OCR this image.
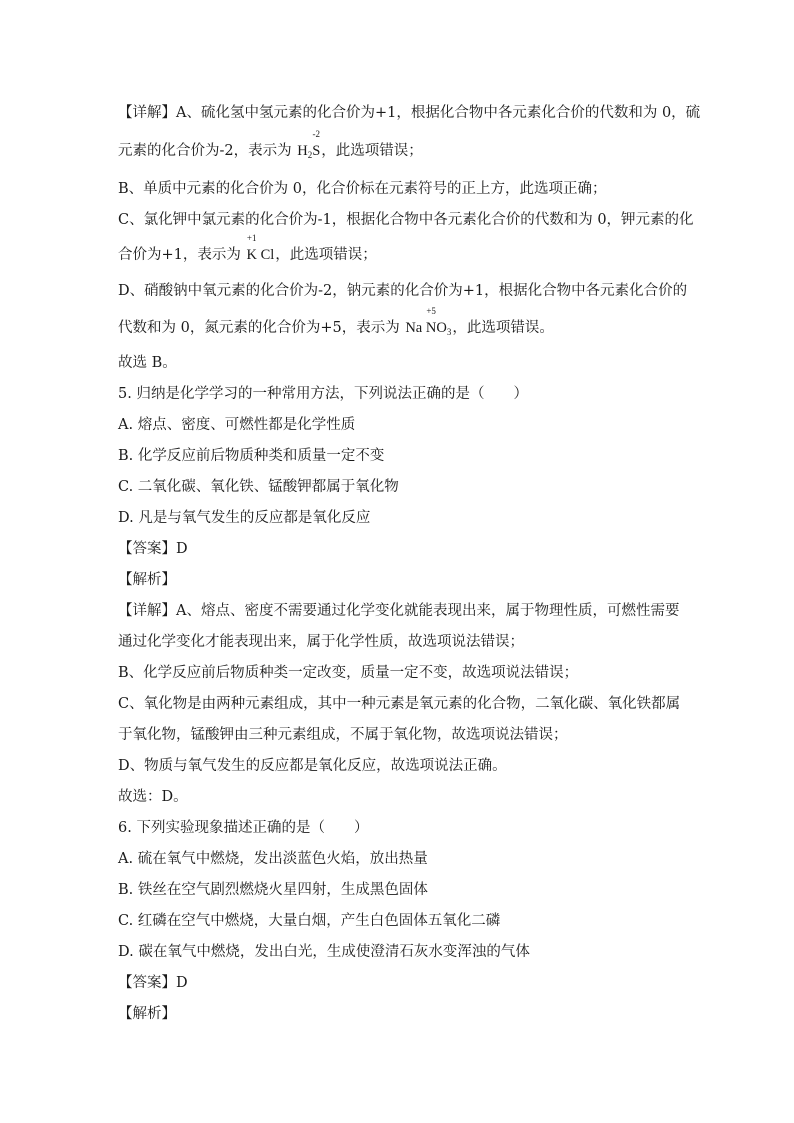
【详解】A、硫化氢中氢元素的化合价为+1，根据化合物中各元素化合价的代数和为 0，硫
元素的化合价为-2，表示为 $H_2S$
-2
，此选项错误；
B、单质中元素的化合价为 0，化合价标在元素符号的正上方，此选项正确；
C、氯化钾中氯元素的化合价为-1，根据化合物中各元素化合价的代数和为 0，钾元素的化
合价为+1，表示为 K
+1
Cl，此选项错误；
D、硝酸钠中氧元素的化合价为-2，钠元素的化合价为+1，根据化合物中各元素化合价的
代数和为 0，氮元素的化合价为+5，表示为 Na N
+5
$O_3$，此选项错误。
故选 B。
5. 归纳是化学学习的一种常用方法，下列说法正确的是（　　）
A. 熔点、密度、可燃性都是化学性质
B. 化学反应前后物质种类和质量一定不变
C. 二氧化碳、氧化铁、锰酸钾都属于氧化物
D. 凡是与氧气发生的反应都是氧化反应
【答案】D
【解析】
【详解】A、熔点、密度不需要通过化学变化就能表现出来，属于物理性质，可燃性需要
通过化学变化才能表现出来，属于化学性质，故选项说法错误；
B、化学反应前后物质种类一定改变，质量一定不变，故选项说法错误；
C、氧化物是由两种元素组成，其中一种元素是氧元素的化合物，二氧化碳、氧化铁都属
于氧化物，锰酸钾由三种元素组成，不属于氧化物，故选项说法错误；
D、物质与氧气发生的反应都是氧化反应，故选项说法正确。
故选：D。
6. 下列实验现象描述正确的是（　　）
A. 硫在氧气中燃烧，发出淡蓝色火焰，放出热量
B. 铁丝在空气剧烈燃烧火星四射，生成黑色固体
C. 红磷在空气中燃烧，大量白烟，产生白色固体五氧化二磷
D. 碳在氧气中燃烧，发出白光，生成使澄清石灰水变浑浊的气体
【答案】D
【解析】
